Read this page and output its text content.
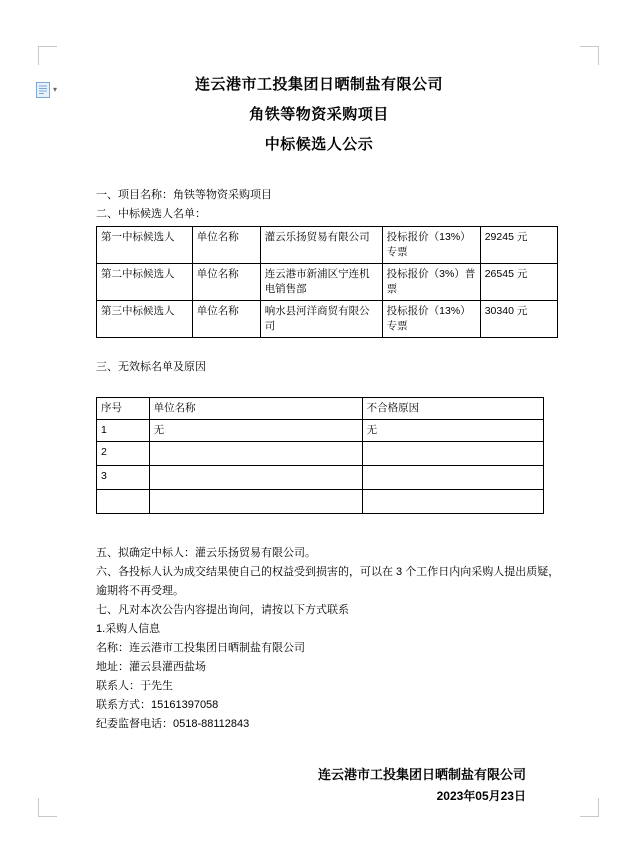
▾	连云港市工投集团日晒制盐有限公司
角铁等物资采购项目
中标候选人公示
一、项目名称：角铁等物资采购项目
二、中标候选人名单：
第一中标候选人	单位名称	灌云乐扬贸易有限公司	投标报价（13%）专票	29245 元
第二中标候选人	单位名称	连云港市新浦区宁连机电销售部	投标报价（3%）普票	26545 元
第三中标候选人	单位名称	响水县河洋商贸有限公司	投标报价（13%）专票	30340 元
三、无效标名单及原因
序号	单位名称	不合格原因
1	无	无
2		
3		

五、拟确定中标人：灌云乐扬贸易有限公司。
六、各投标人认为成交结果使自己的权益受到损害的，可以在 3 个工作日内向采购人提出质疑，逾期将不再受理。
七、凡对本次公告内容提出询问，请按以下方式联系
1.采购人信息
名称：连云港市工投集团日晒制盐有限公司
地址：灌云县灌西盐场
联系人：于先生
联系方式：15161397058
纪委监督电话：0518-88112843
连云港市工投集团日晒制盐有限公司
2023年05月23日
